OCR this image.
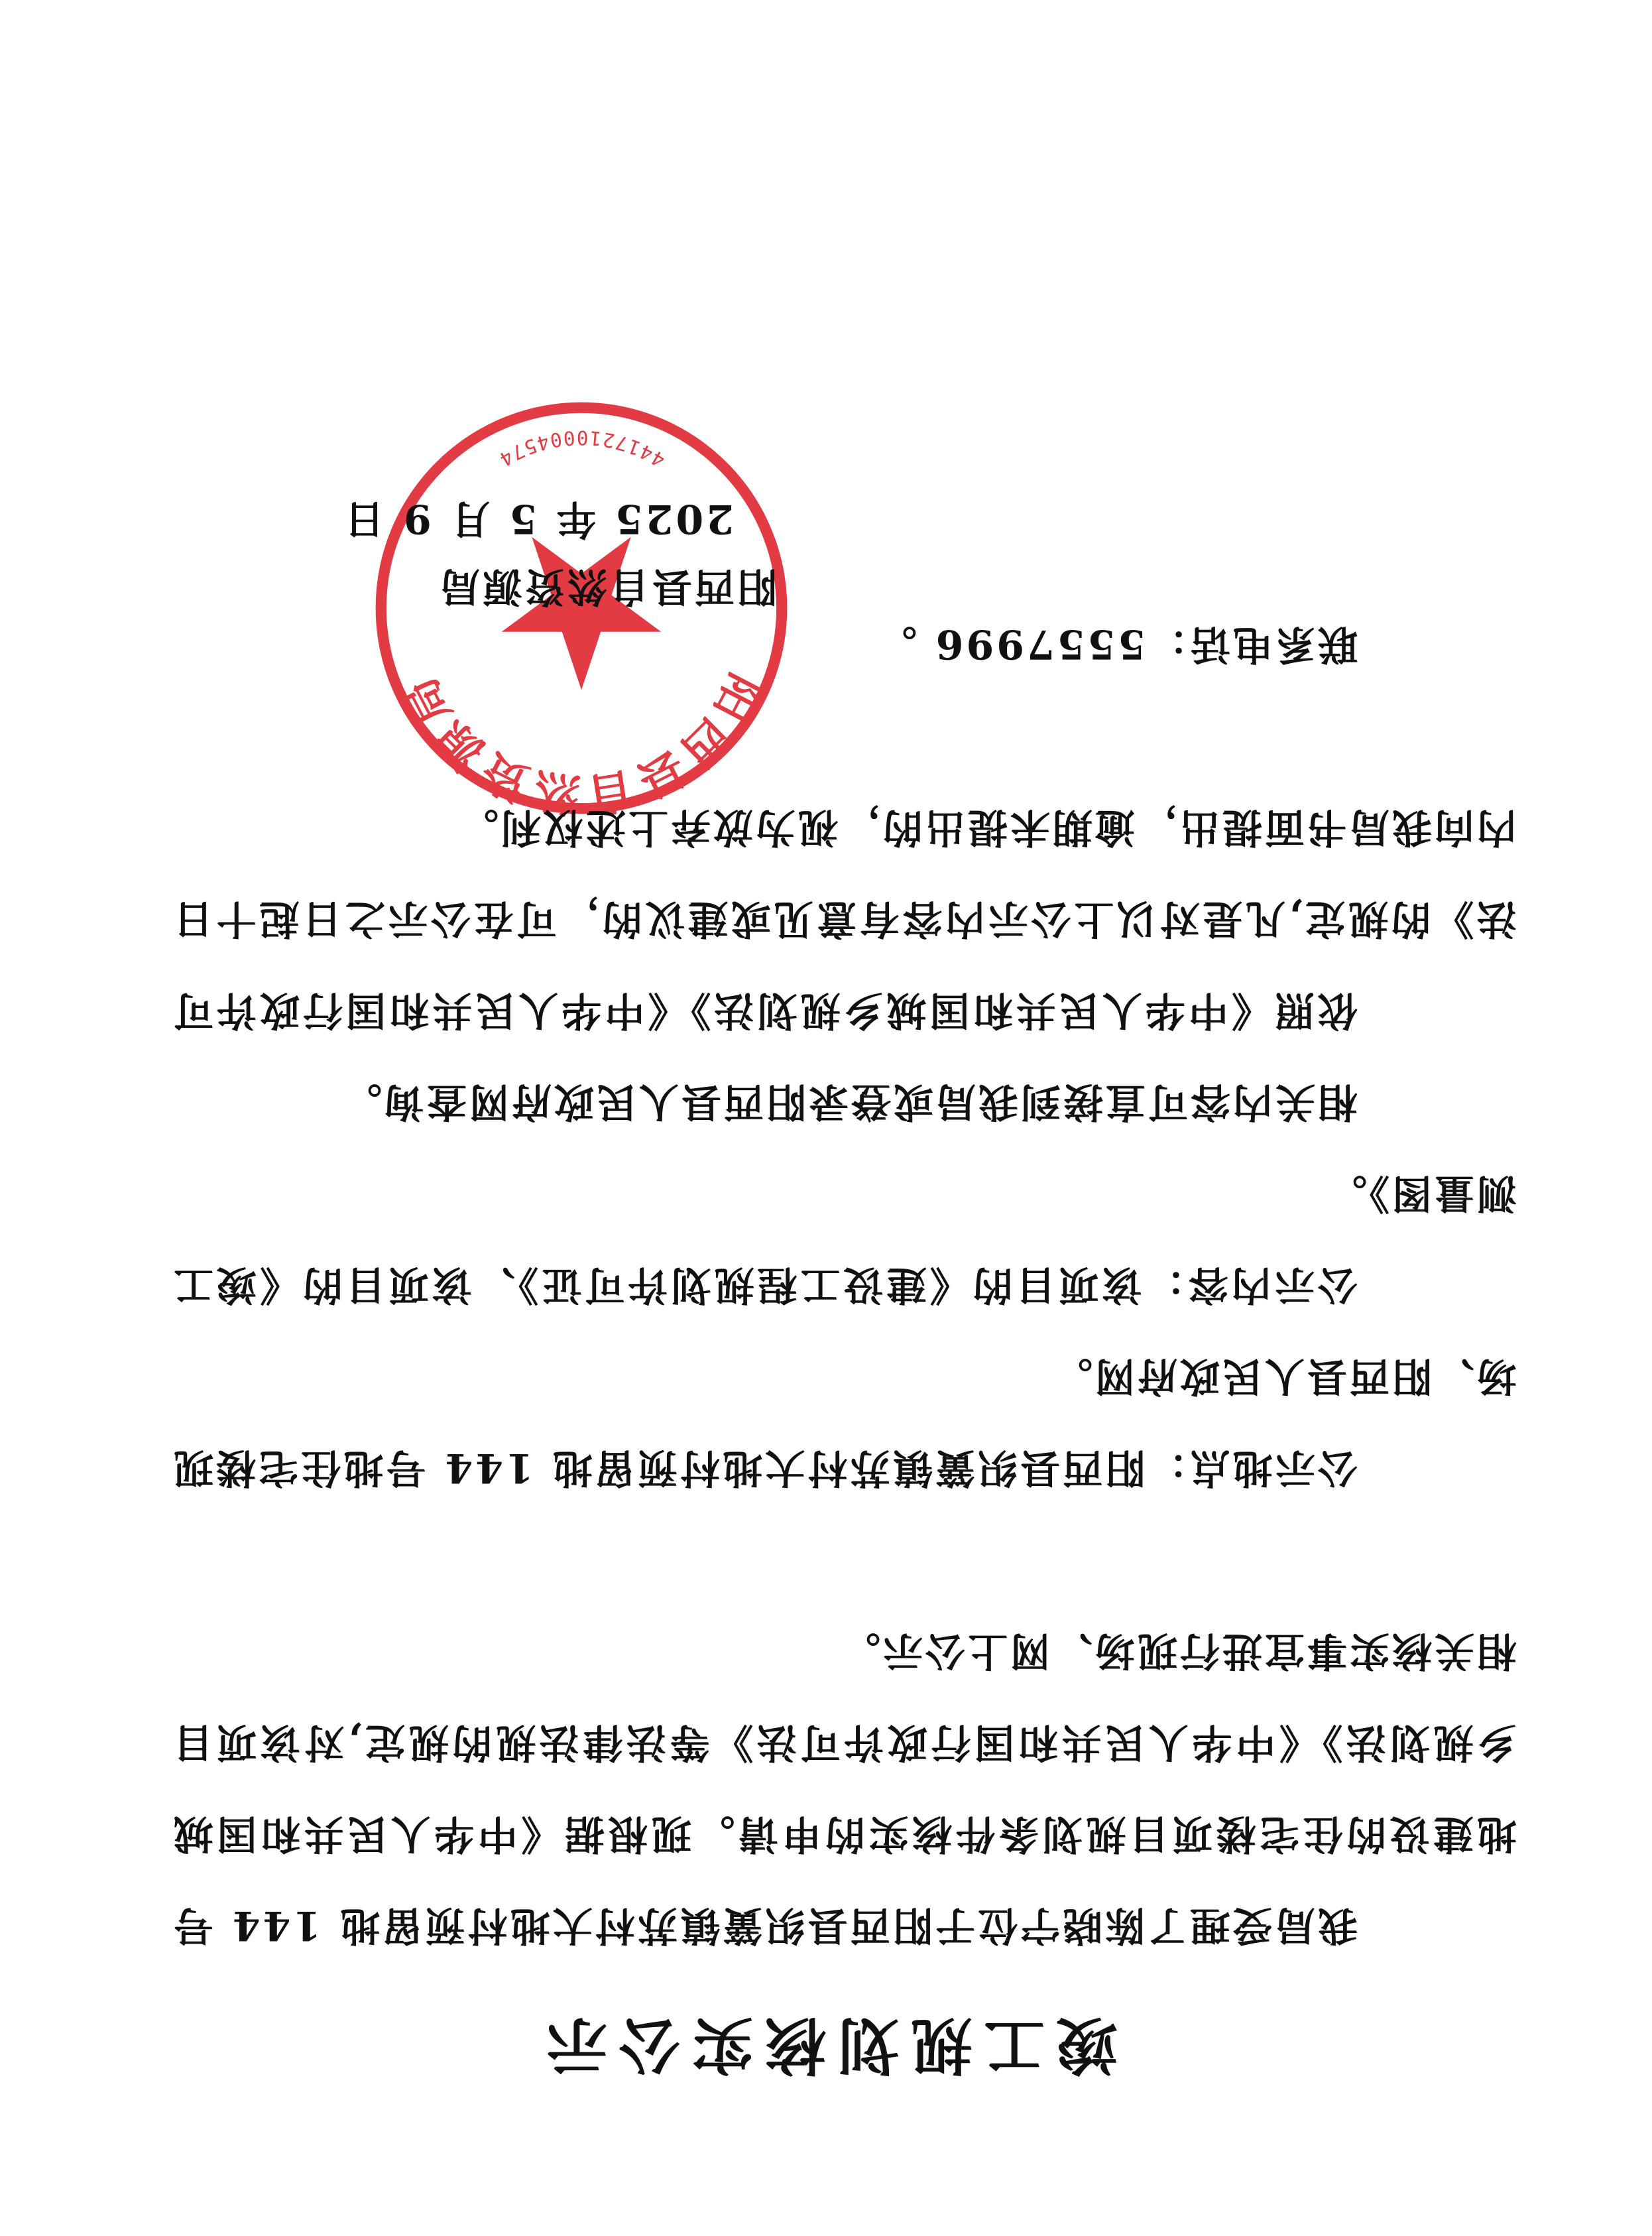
竣工规划核实公示

我局受理了陈晓宁位于阳西县织簧镇苏村大地村预留地 144 号地建设的住宅楼项目规划条件核实的申请。现根据《中华人民共和国城乡规划法》《中华人民共和国行政许可法》等法律法规的规定,对该项目相关核实事宜进行现场、网上公示。

公示地点：阳西县织簧镇苏村大地村预留地 144 号地住宅楼现场、阳西县人民政府网。

公示内容：该项目的《建设工程规划许可证》、该项目的《竣工测量图》。

相关内容可直接到我局或登录阳西县人民政府网查询。

依照《中华人民共和国城乡规划法》《中华人民共和国行政许可法》的规定,凡是对以上公示内容有意见或建议的，可在公示之日起十日内向我局书面提出，逾期未提出的，视为放弃上述权利。

联系电话：5557996 。

阳西县自然资源局
4417210004574
阳西县自然资源局
2025 年 5 月 9 日
